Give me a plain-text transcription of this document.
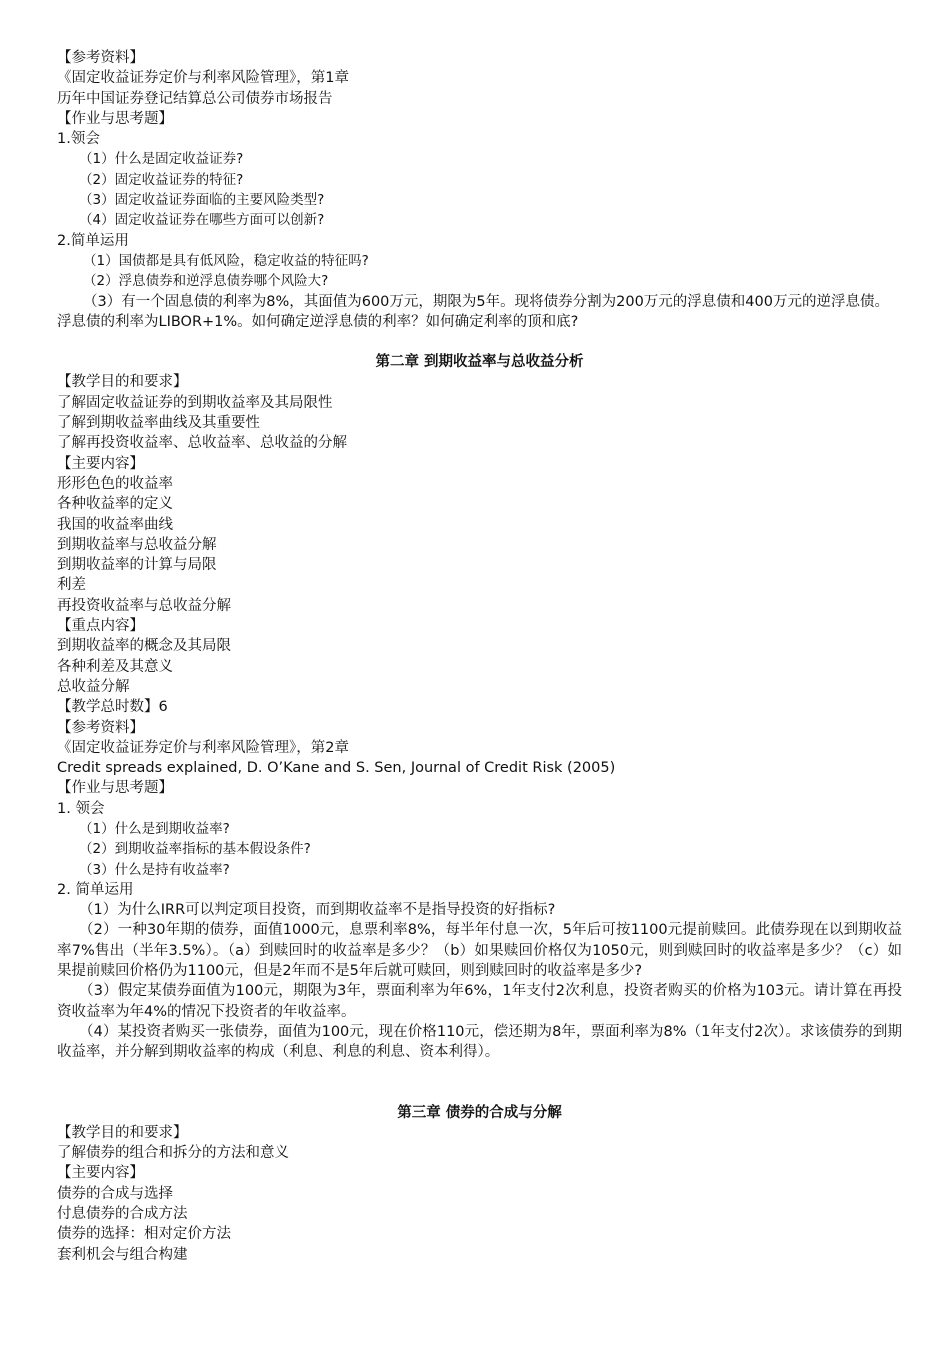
【参考资料】
《固定收益证券定价与利率风险管理》，第1章
历年中国证券登记结算总公司债券市场报告
【作业与思考题】
1.领会
（1）什么是固定收益证券?
（2）固定收益证券的特征?
（3）固定收益证券面临的主要风险类型?
（4）固定收益证券在哪些方面可以创新?
2.简单运用
（1）国债都是具有低风险，稳定收益的特征吗?
（2）浮息债券和逆浮息债券哪个风险大?
（3）有一个固息债的利率为8%，其面值为600万元，期限为5年。现将债券分割为200万元的浮息债和400万元的逆浮息债。浮息债的利率为LIBOR+1%。如何确定逆浮息债的利率？如何确定利率的顶和底?
第二章 到期收益率与总收益分析
【教学目的和要求】
了解固定收益证券的到期收益率及其局限性
了解到期收益率曲线及其重要性
了解再投资收益率、总收益率、总收益的分解
【主要内容】
形形色色的收益率
各种收益率的定义
我国的收益率曲线
到期收益率与总收益分解
到期收益率的计算与局限
利差
再投资收益率与总收益分解
【重点内容】
到期收益率的概念及其局限
各种利差及其意义
总收益分解
【教学总时数】6
【参考资料】
《固定收益证券定价与利率风险管理》，第2章
Credit spreads explained, D. O’Kane and S. Sen, Journal of Credit Risk (2005)
【作业与思考题】
1. 领会
（1）什么是到期收益率?
（2）到期收益率指标的基本假设条件?
（3）什么是持有收益率?
2. 简单运用
（1）为什么IRR可以判定项目投资，而到期收益率不是指导投资的好指标?
（2）一种30年期的债券，面值1000元，息票利率8%，每半年付息一次，5年后可按1100元提前赎回。此债券现在以到期收益率7%售出（半年3.5%）。（a）到赎回时的收益率是多少？（b）如果赎回价格仅为1050元，则到赎回时的收益率是多少？（c）如果提前赎回价格仍为1100元，但是2年而不是5年后就可赎回，则到赎回时的收益率是多少?
（3）假定某债券面值为100元，期限为3年，票面利率为年6%，1年支付2次利息，投资者购买的价格为103元。请计算在再投资收益率为年4%的情况下投资者的年收益率。
（4）某投资者购买一张债券，面值为100元，现在价格110元，偿还期为8年，票面利率为8%（1年支付2次）。求该债券的到期收益率，并分解到期收益率的构成（利息、利息的利息、资本利得）。
第三章 债券的合成与分解
【教学目的和要求】
了解债券的组合和拆分的方法和意义
【主要内容】
债券的合成与选择
付息债券的合成方法
债券的选择：相对定价方法
套利机会与组合构建
